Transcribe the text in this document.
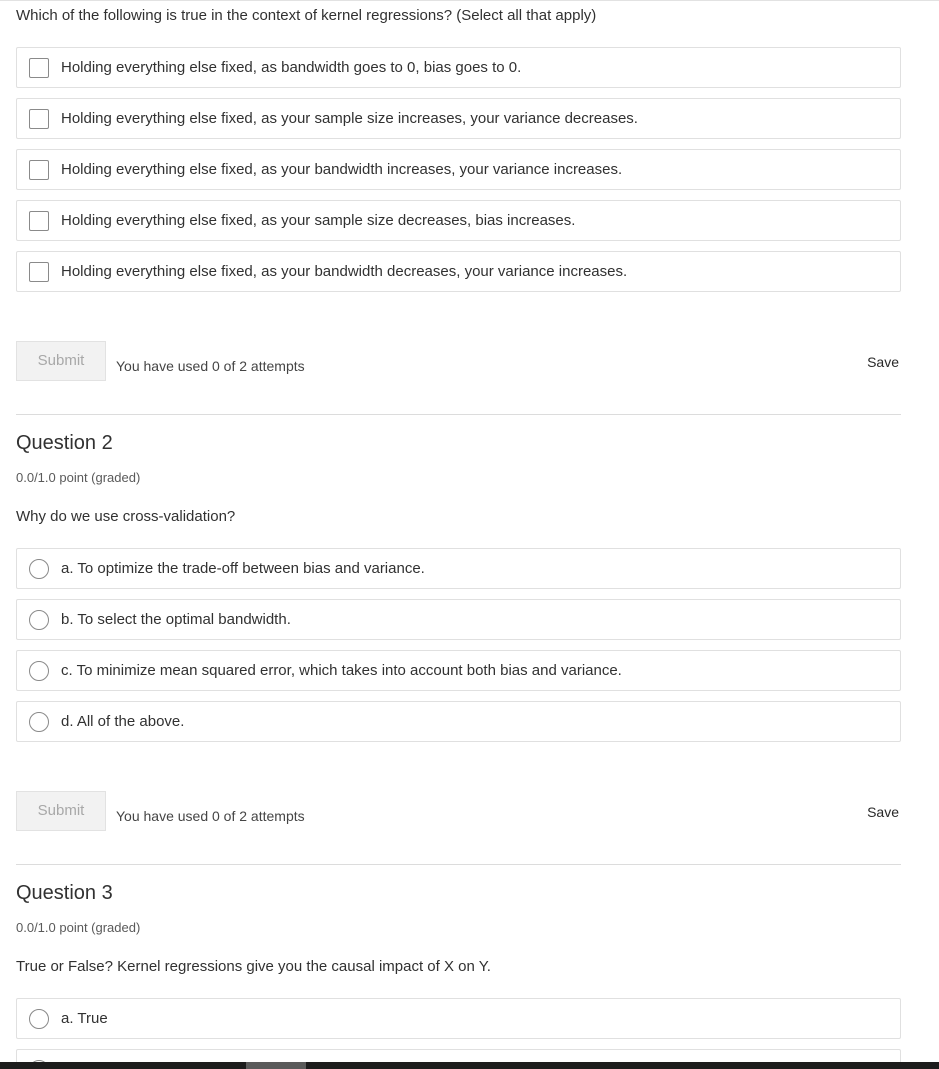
Which of the following is true in the context of kernel regressions? (Select all that apply)
Holding everything else fixed, as bandwidth goes to 0, bias goes to 0.
Holding everything else fixed, as your sample size increases, your variance decreases.
Holding everything else fixed, as your bandwidth increases, your variance increases.
Holding everything else fixed, as your sample size decreases, bias increases.
Holding everything else fixed, as your bandwidth decreases, your variance increases.
Submit	You have used 0 of 2 attempts	Save
Question 2
0.0/1.0 point (graded)
Why do we use cross-validation?
a. To optimize the trade-off between bias and variance.
b. To select the optimal bandwidth.
c. To minimize mean squared error, which takes into account both bias and variance.
d. All of the above.
Submit	You have used 0 of 2 attempts	Save
Question 3
0.0/1.0 point (graded)
True or False? Kernel regressions give you the causal impact of X on Y.
a. True
